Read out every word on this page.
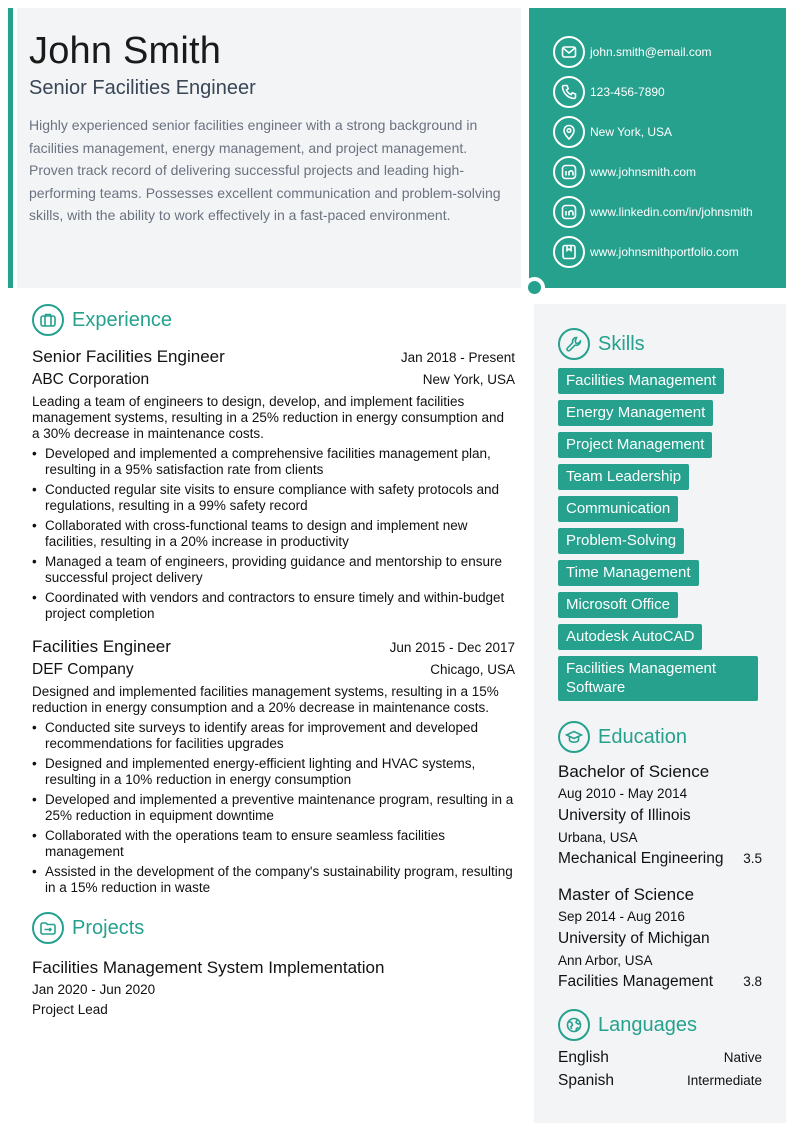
John Smith
Senior Facilities Engineer

Highly experienced senior facilities engineer with a strong background in facilities management, energy management, and project management. Proven track record of delivering successful projects and leading high-performing teams. Possesses excellent communication and problem-solving skills, with the ability to work effectively in a fast-paced environment.

john.smith@email.com
123-456-7890
New York, USA
www.johnsmith.com
www.linkedin.com/in/johnsmith
www.johnsmithportfolio.com
Experience
Senior Facilities Engineer	Jan 2018 - Present
ABC Corporation	New York, USA

Leading a team of engineers to design, develop, and implement facilities management systems, resulting in a 25% reduction in energy consumption and a 30% decrease in maintenance costs.

• Developed and implemented a comprehensive facilities management plan, resulting in a 95% satisfaction rate from clients
• Conducted regular site visits to ensure compliance with safety protocols and regulations, resulting in a 99% safety record
• Collaborated with cross-functional teams to design and implement new facilities, resulting in a 20% increase in productivity
• Managed a team of engineers, providing guidance and mentorship to ensure successful project delivery
• Coordinated with vendors and contractors to ensure timely and within-budget project completion
Facilities Engineer	Jun 2015 - Dec 2017
DEF Company	Chicago, USA

Designed and implemented facilities management systems, resulting in a 15% reduction in energy consumption and a 20% decrease in maintenance costs.

• Conducted site surveys to identify areas for improvement and developed recommendations for facilities upgrades
• Designed and implemented energy-efficient lighting and HVAC systems, resulting in a 10% reduction in energy consumption
• Developed and implemented a preventive maintenance program, resulting in a 25% reduction in equipment downtime
• Collaborated with the operations team to ensure seamless facilities management
• Assisted in the development of the company's sustainability program, resulting in a 15% reduction in waste
Projects
Facilities Management System Implementation
Jan 2020 - Jun 2020
Project Lead
Skills
Facilities Management
Energy Management
Project Management
Team Leadership
Communication
Problem-Solving
Time Management
Microsoft Office
Autodesk AutoCAD
Facilities Management Software
Education
Bachelor of Science
Aug 2010 - May 2014
University of Illinois
Urbana, USA
Mechanical Engineering 3.5
Master of Science
Sep 2014 - Aug 2016
University of Michigan
Ann Arbor, USA
Facilities Management 3.8
Languages
English	Native
Spanish	Intermediate
